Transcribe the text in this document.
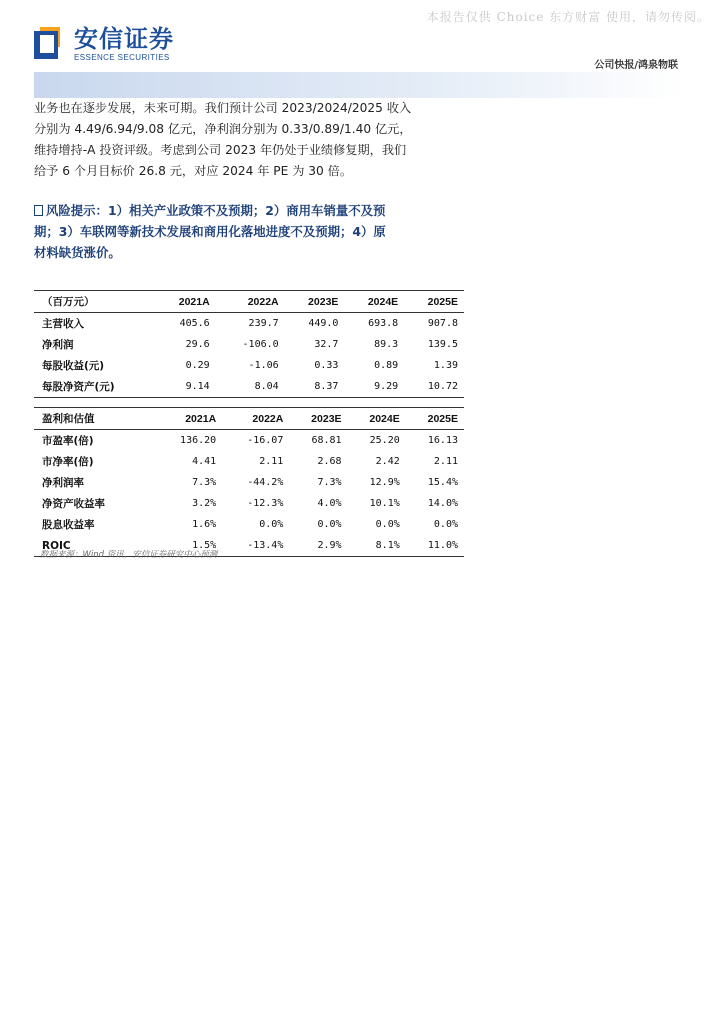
本报告仅供 Choice 东方财富 使用，请勿传阅。
安信证券
ESSENCE SECURITIES
公司快报/鸿泉物联

业务也在逐步发展，未来可期。我们预计公司 2023/2024/2025 收入

分别为 4.49/6.94/9.08 亿元，净利润分别为 0.33/0.89/1.40 亿元，

维持增持-A 投资评级。考虑到公司 2023 年仍处于业绩修复期，我们

给予 6 个月目标价 26.8 元，对应 2024 年 PE 为 30 倍。

风险提示：1）相关产业政策不及预期；2）商用车销量不及预
期；3）车联网等新技术发展和商用化落地进度不及预期；4）原
材料缺货涨价。
（百万元）	2021A	2022A	2023E	2024E	2025E
主营收入	405.6	239.7	449.0	693.8	907.8
净利润	29.6	-106.0	32.7	89.3	139.5
每股收益(元)	0.29	-1.06	0.33	0.89	1.39
每股净资产(元)	9.14	8.04	8.37	9.29	10.72
盈利和估值	2021A	2022A	2023E	2024E	2025E
市盈率(倍)	136.20	-16.07	68.81	25.20	16.13
市净率(倍)	4.41	2.11	2.68	2.42	2.11
净利润率	7.3%	-44.2%	7.3%	12.9%	15.4%
净资产收益率	3.2%	-12.3%	4.0%	10.1%	14.0%
股息收益率	1.6%	0.0%	0.0%	0.0%	0.0%
ROIC	1.5%	-13.4%	2.9%	8.1%	11.0%
数据来源：Wind 资讯，安信证券研究中心预测
